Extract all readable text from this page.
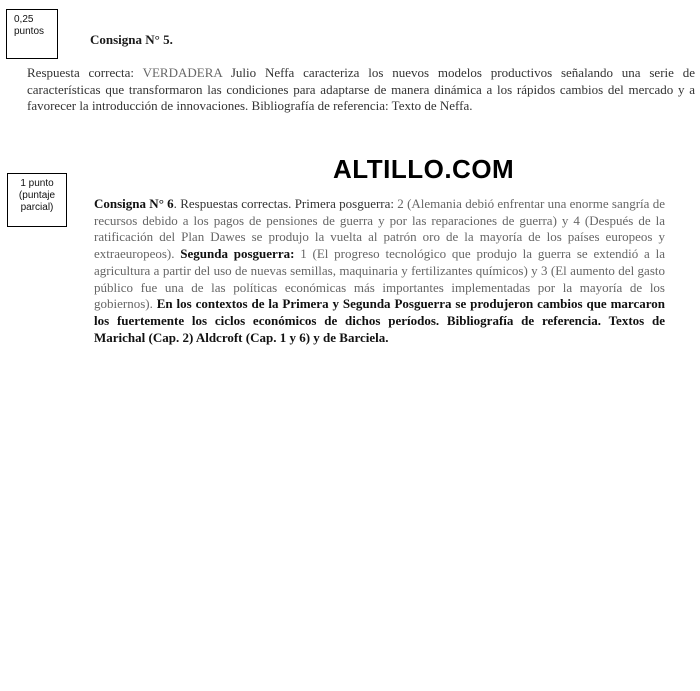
0,25
puntos
Consigna N° 5.
Respuesta correcta: VERDADERA Julio Neffa caracteriza los nuevos modelos productivos señalando una serie de características que transformaron las condiciones para adaptarse de manera dinámica a los rápidos cambios del mercado y a favorecer la introducción de innovaciones. Bibliografía de referencia: Texto de Neffa.
ALTILLO.COM
1 punto
(puntaje
parcial)	Consigna N° 6. Respuestas correctas. Primera posguerra: 2 (Alemania debió enfrentar una enorme sangría de recursos debido a los pagos de pensiones de guerra y por las reparaciones de guerra) y 4 (Después de la ratificación del Plan Dawes se produjo la vuelta al patrón oro de la mayoría de los países europeos y extraeuropeos). Segunda posguerra: 1 (El progreso tecnológico que produjo la guerra se extendió a la agricultura a partir del uso de nuevas semillas, maquinaria y fertilizantes químicos) y 3 (El aumento del gasto público fue una de las políticas económicas más importantes implementadas por la mayoría de los gobiernos). En los contextos de la Primera y Segunda Posguerra se produjeron cambios que marcaron los fuertemente los ciclos económicos de dichos períodos. Bibliografía de referencia. Textos de Marichal (Cap. 2) Aldcroft (Cap. 1 y 6) y de Barciela.
